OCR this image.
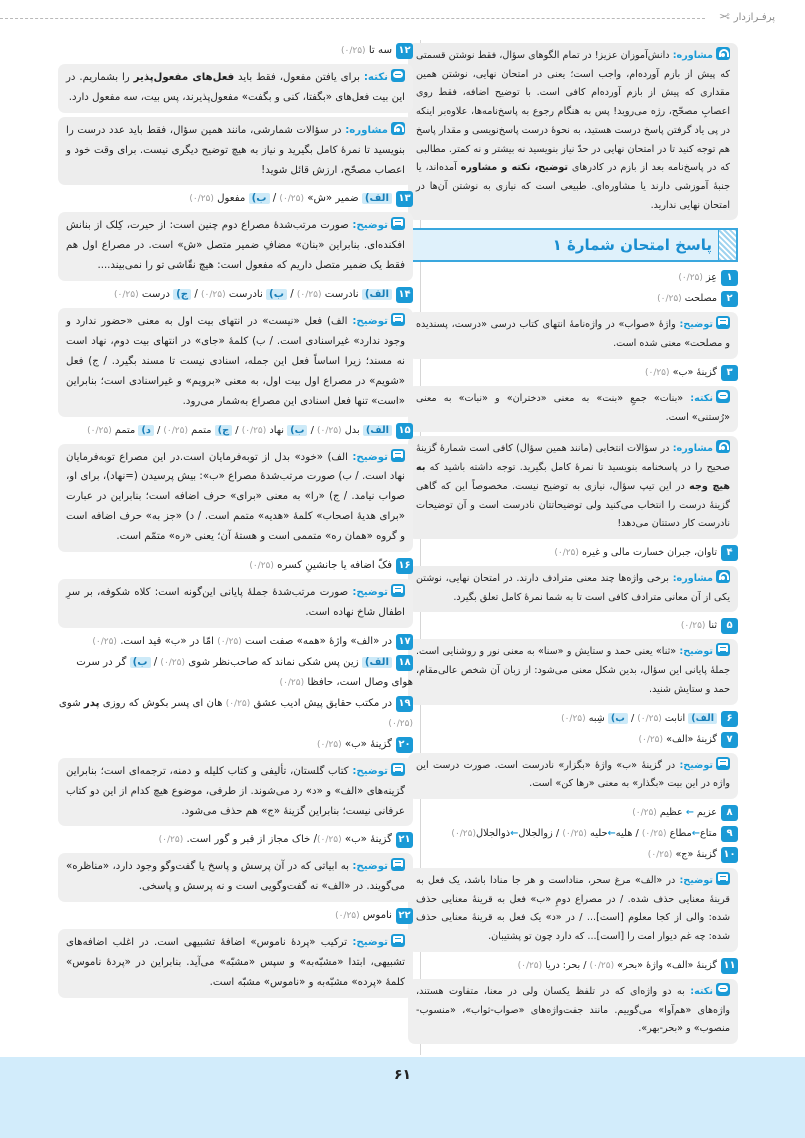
پرفـرازدار
✂
مشاوره: دانش‌آموزان عزیز! در تمام الگوهای سؤال، فقط نوشتن قسمتی که پیش از بازم آورده‌ام، واجب است؛ یعنی در امتحان نهایی، نوشتن همین مقداری که پیش از بازم آورده‌ام کافی است. با توضیح اضافه، فقط روی اعصابِ مصحّح، رژه می‌روید! پس به هنگام رجوع به پاسخ‌نامه‌ها، علاوه‌بر اینکه در پی یاد گرفتن پاسخ درست هستید، به نحوهٔ درست پاسخ‌نویسی و مقدار پاسخ هم توجه کنید تا در امتحان نهایی در حدّ نیاز بنویسید نه بیشتر و نه کمتر. مطالبی که در پاسخ‌نامه بعد از بازم در کادرهای توضیح، نکته و مشاوره آمده‌اند، یا جنبهٔ آموزشی دارند یا مشاوره‌ای. طبیعی است که نیازی به نوشتن آن‌ها در امتحان نهایی ندارید.
پاسخ امتحان شمارهٔ ۱
۱عِز (۰/۲۵)
۲مصلحت (۰/۲۵)
توضیح: واژهٔ «صواب» در واژه‌نامهٔ انتهای کتاب درسی «درست، پسندیده و مصلحت» معنی شده است.
۳گزینهٔ «ب» (۰/۲۵)
نکته: «بنات» جمعِ «بنت» به معنی «دختران» و «نبات» به معنی «رُستنی» است.
مشاوره: در سؤالات انتخابی (مانند همین سؤال) کافی است شمارهٔ گزینهٔ صحیح را در پاسخنامه بنویسید تا نمرهٔ کامل بگیرید. توجه داشته باشید که به هیچ وجه در این تیپ سؤال، نیازی به توضیح نیست. مخصوصاً این که گاهی گزینهٔ درست را انتخاب می‌کنید ولی توضیحاتتان نادرست است و آن توضیحات نادرست کار دستتان می‌دهد!
۴تاوان، جبران خسارت مالی و غیره (۰/۲۵)
مشاوره: برخی واژه‌ها چند معنی مترادف دارند. در امتحان نهایی، نوشتن یکی از آن معانی مترادف کافی است تا به شما نمرهٔ کامل تعلق بگیرد.
۵ثنا (۰/۲۵)
توضیح: «ثنا» یعنی حمد و ستایش و «سنا» به معنی نور و روشنایی است. جملهٔ پایانی این سؤال، بدین شکل معنی می‌شود: از زبان آن شخص عالی‌مقام، حمد و ستایش شنید.
۶الف) انابت (۰/۲۵) / ب) شِبه (۰/۲۵)
۷گزینهٔ «الف» (۰/۲۵)
توضیح: در گزینهٔ «ب» واژهٔ «بگزار» نادرست است. صورت درست این واژه در این بیت «بگذار» به معنی «رها کن» است.
۸عزیم ← عظیم (۰/۲۵)
۹متاع←مطاع (۰/۲۵) / هلیه←حلیه (۰/۲۵) / زوالجلال←ذوالجلال(۰/۲۵)
۱۰گزینهٔ «ج» (۰/۲۵)
توضیح: در «الف» مرغ سحر، منادا‌ست و هر جا منادا باشد، یک فعل به قرینهٔ معنایی حذف شده. / در مصراع دومِ «ب» فعل به قرینهٔ معنایی حذف شده: والی از کجا معلوم [است]... / در «د» یک فعل به قرینهٔ معنایی حذف شده: چه غم دیوار امت را [است]... که دارد چون تو پشتیبان.
۱۱گزینهٔ «الف» واژهٔ «بحر» (۰/۲۵) / بحر: دریا (۰/۲۵)
نکته: به دو واژه‌ای که در تلفظ یکسان ولی در معنا، متفاوت هستند، واژه‌های «هم‌آوا» می‌گوییم. مانند جفت‌واژه‌های «صواب-ثواب»، «منسوب-منصوب» و «بحر-بهر».
۱۲سه تا (۰/۲۵)
نکته: برای یافتن مفعول، فقط باید فعل‌های مفعول‌پذیر را بشماریم. در این بیت فعل‌های «بگفتا، کنی و بگفت» مفعول‌پذیرند، پس بیت، سه مفعول دارد.
مشاوره: در سؤالات شمارشی، مانند همین سؤال، فقط باید عدد درست را بنویسید تا نمرهٔ کامل بگیرید و نیاز به هیچ توضیح دیگری نیست. برای وقت خود و اعصاب مصحّح، ارزش قائل شوید!
۱۳الف) ضمیر «ش» (۰/۲۵) / ب) مفعول (۰/۲۵)
توضیح: صورت مرتب‌شدهٔ مصراع دوم چنین است: از حیرت، کِلک از بنانش افکنده‌ای. بنابراین «بنان» مضافِ ضمیر متصل «ش» است. در مصراع اول هم فقط یک ضمیر متصل داریم که مفعول است: هیچ نقّاشی تو را نمی‌بیند....
۱۴الف) نادرست (۰/۲۵) / ب) نادرست (۰/۲۵) / ج) درست (۰/۲۵)
توضیح: الف) فعل «نیست» در انتهای بیت اول به معنی «حضور ندارد و وجود ندارد» غیراسنادی است. / ب) کلمهٔ «جای» در انتهای بیت دوم، نهاد است نه مسند؛ زیرا اساساً فعل این جمله، اسنادی نیست تا مسند بگیرد. / ج) فعل «شویم» در مصراع اول بیت اول، به معنی «برویم» و غیراسنادی است؛ بنابراین «است» تنها فعل اسنادی این مصراع به‌شمار می‌رود.
۱۵الف) بدل (۰/۲۵) / ب) نهاد (۰/۲۵) / ج) متمم (۰/۲۵) / د) متمم (۰/۲۵)
توضیح: الف) «خود» بدل از توبه‌فرمایان است.در این مصراع توبه‌فرمایان نهاد است. / ب) صورت مرتب‌شدهٔ مصراع «ب»: بیش پرسیدن (=نهاد)، برای او، صواب نیامد. / ج) «را» به معنی «برای» حرف اضافه است؛ بنابراین در عبارت «برای هدیهٔ اصحاب» کلمهٔ «هدیه» متمم است. / د) «جز به» حرف اضافه است و گروه «همان ره» متممی است و هستهٔ آن؛ یعنی «ره» متمّم است.
۱۶فکّ اضافه یا جانشینِ کسره (۰/۲۵)
توضیح: صورت مرتب‌شدهٔ جملهٔ پایانی این‌گونه است: کلاه شکوفه، بر سرِ اطفال شاخ نهاده است.
۱۷در «الف» واژهٔ «همه» صفت است (۰/۲۵) امّا در «ب» قید است. (۰/۲۵)
۱۸الف) زین پس شکی نماند که صاحب‌نظر شوی (۰/۲۵) / ب) گر در سرت هوای وصال است، حافظا (۰/۲۵)
۱۹در مکتب حقایق پیش ادیب عشق (۰/۲۵) هان ای پسر بکوش که روزی پدر شوی (۰/۲۵)
۲۰گزینهٔ «ب» (۰/۲۵)
توضیح: کتاب گلستان، تألیفی و کتاب کلیله و دمنه، ترجمه‌ای است؛ بنابراین گزینه‌های «الف» و «د» رد می‌شوند. از طرفی، موضوع هیچ کدام از این دو کتاب عرفانی نیست؛ بنابراین گزینهٔ «ج» هم حذف می‌شود.
۲۱گزینهٔ «ب» (۰/۲۵)/ خاک مجاز از قبر و گور است. (۰/۲۵)
توضیح: به ابیاتی که در آن پرسش و پاسخ یا گفت‌وگو وجود دارد، «مناظره» می‌گویند. در «الف» نه گفت‌وگویی است و نه پرسش و پاسخی.
۲۲ناموس (۰/۲۵)
توضیح: ترکیب «پردهٔ ناموس» اضافهٔ تشبیهی است. در اغلب اضافه‌های تشبیهی، ابتدا «مشبّه‌به» و سپس «مشبّه» می‌آید. بنابراین در «پردهٔ ناموس» کلمهٔ «پرده» مشبّه‌به و «ناموس» مشبّه است.
۶۱
